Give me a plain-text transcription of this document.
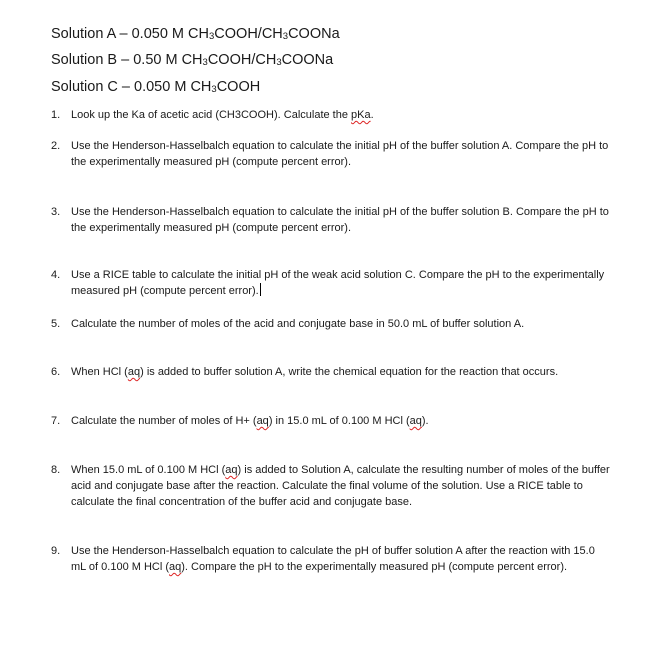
Solution A – 0.050 M $CH_3COOH/CH_3COONa$
Solution B – 0.50 M $CH_3COOH/CH_3COONa$
Solution C – 0.050 M $CH_3COOH$
1. Look up the Ka of acetic acid (CH3COOH). Calculate the pKa.
2. Use the Henderson-Hasselbalch equation to calculate the initial pH of the buffer solution A. Compare the pH to the experimentally measured pH (compute percent error).
3. Use the Henderson-Hasselbalch equation to calculate the initial pH of the buffer solution B. Compare the pH to the experimentally measured pH (compute percent error).
4. Use a RICE table to calculate the initial pH of the weak acid solution C. Compare the pH to the experimentally measured pH (compute percent error).
5. Calculate the number of moles of the acid and conjugate base in 50.0 mL of buffer solution A.
6. When HCl (aq) is added to buffer solution A, write the chemical equation for the reaction that occurs.
7. Calculate the number of moles of H+ (aq) in 15.0 mL of 0.100 M HCl (aq).
8. When 15.0 mL of 0.100 M HCl (aq) is added to Solution A, calculate the resulting number of moles of the buffer acid and conjugate base after the reaction. Calculate the final volume of the solution. Use a RICE table to calculate the final concentration of the buffer acid and conjugate base.
9. Use the Henderson-Hasselbalch equation to calculate the pH of buffer solution A after the reaction with 15.0 mL of 0.100 M HCl (aq). Compare the pH to the experimentally measured pH (compute percent error).
